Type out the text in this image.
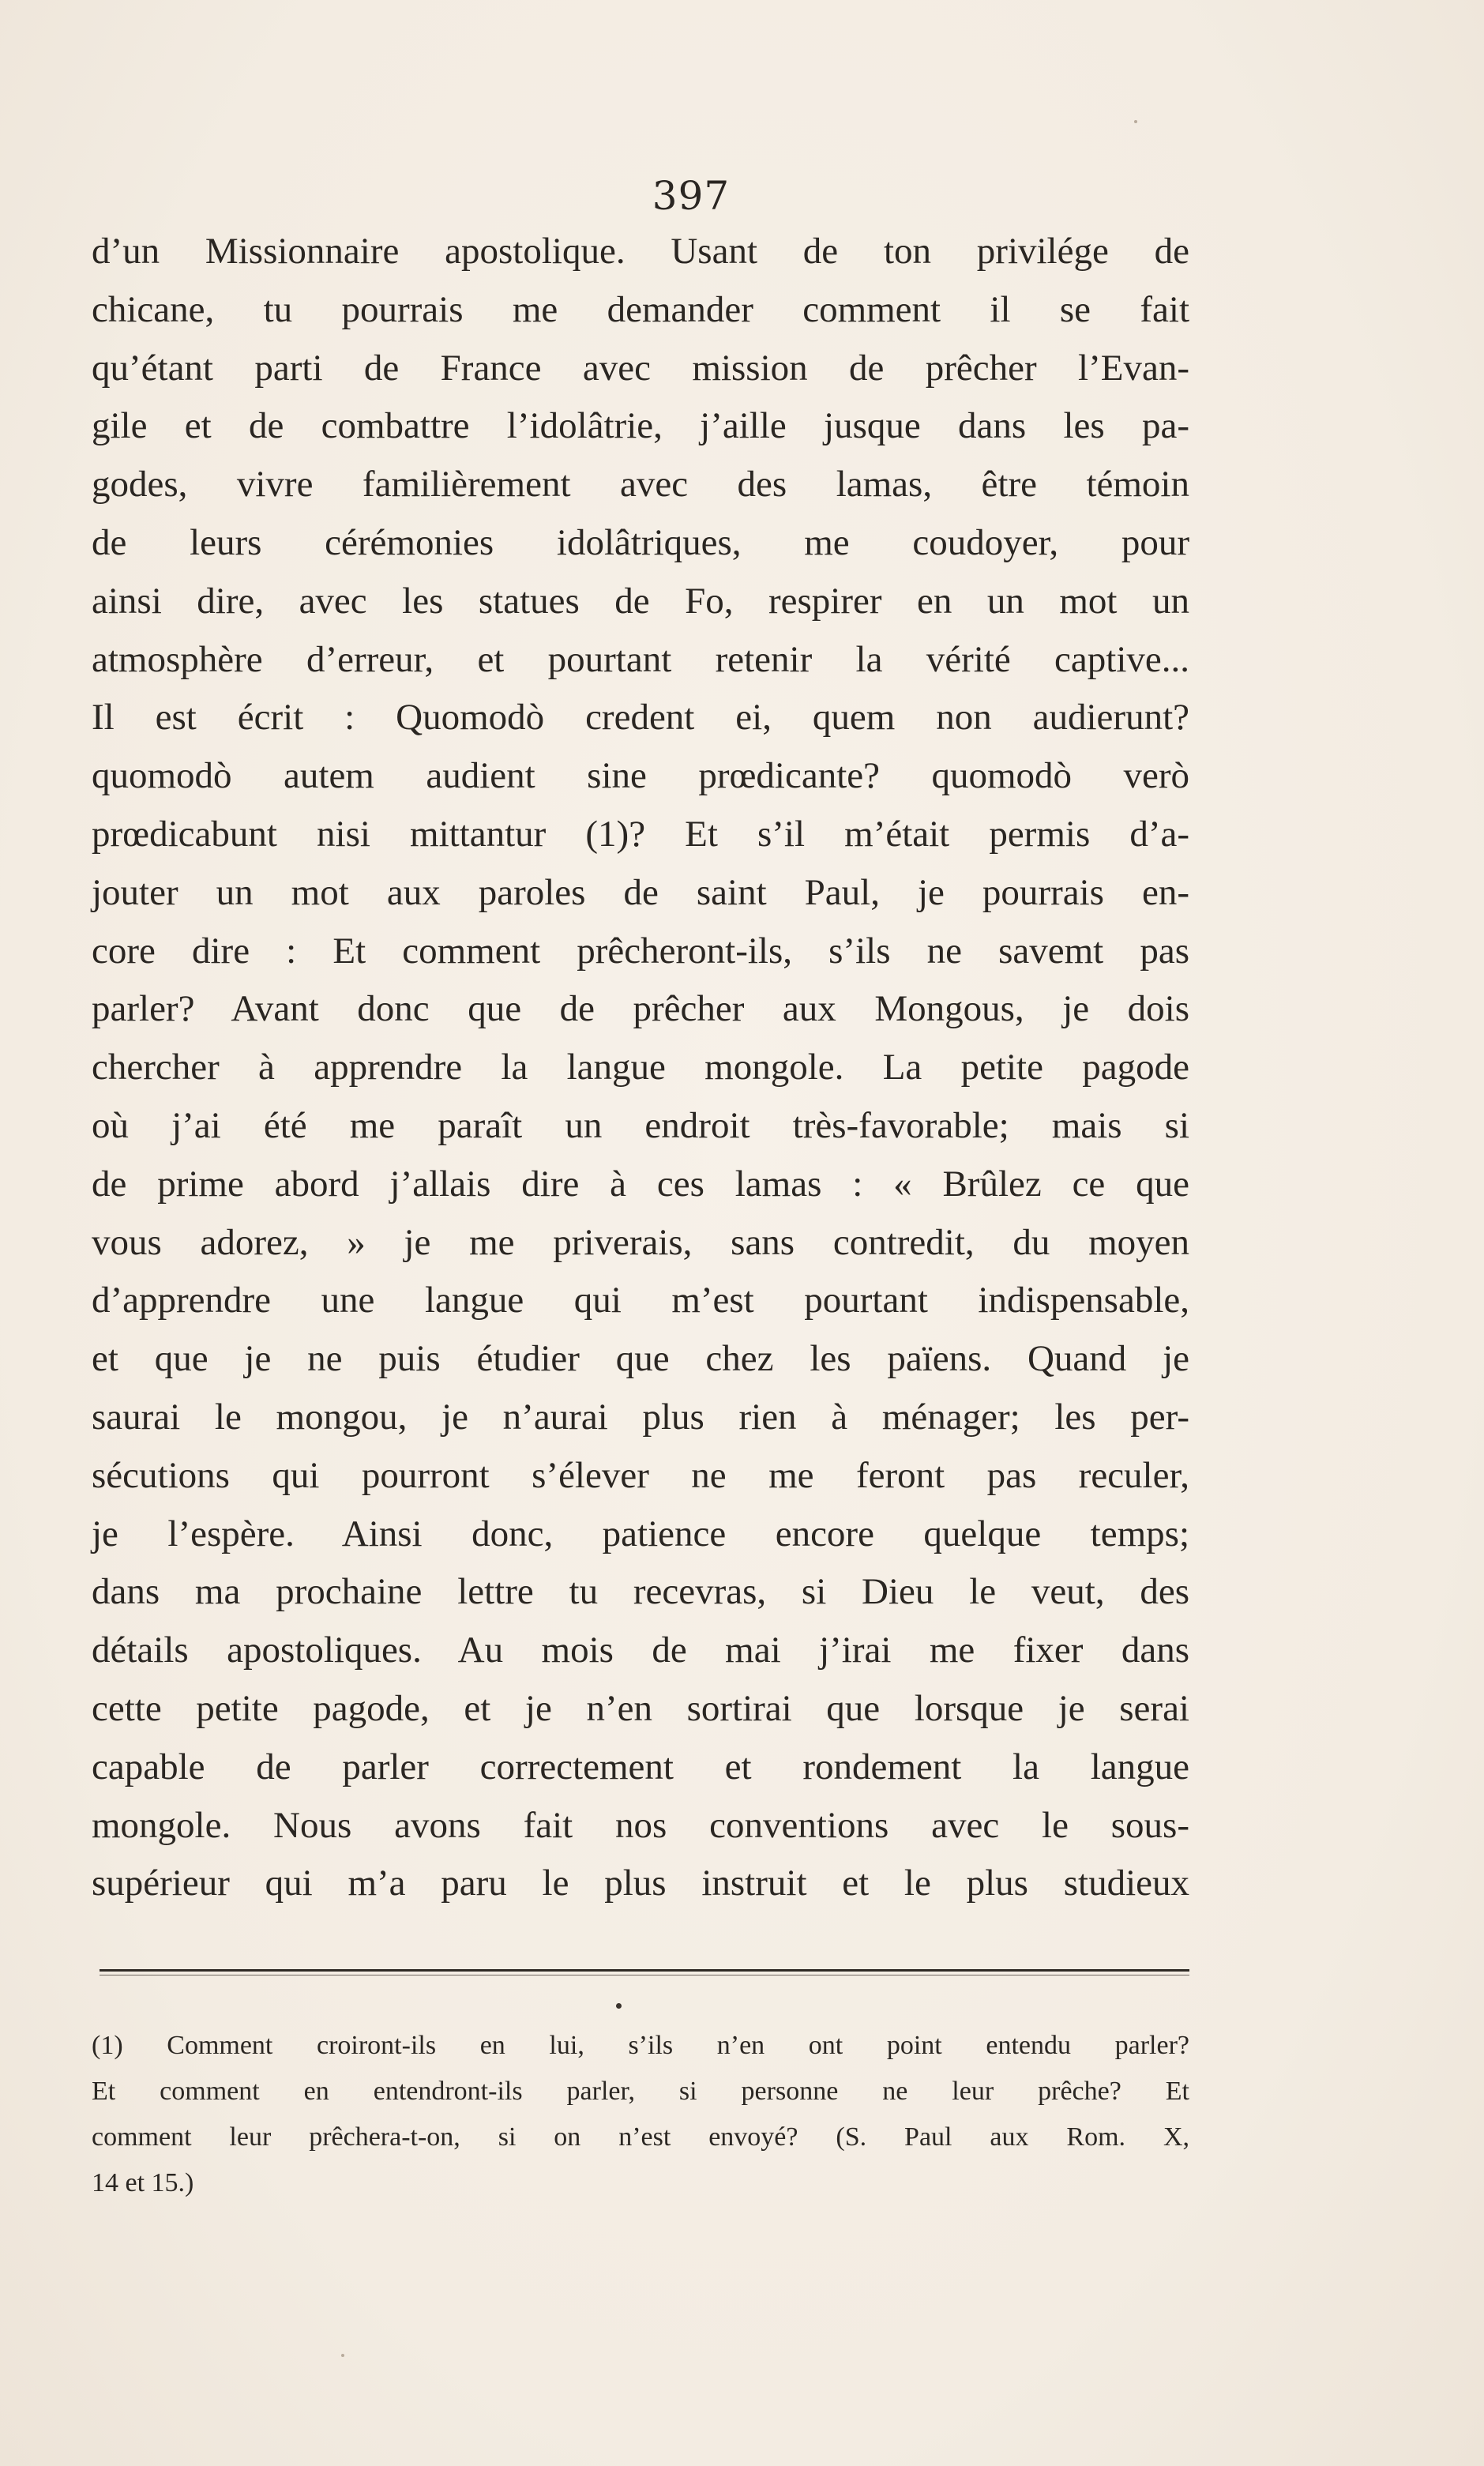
397
d’un Missionnaire apostolique. Usant de ton privilége de
chicane, tu pourrais me demander comment il se fait
qu’étant parti de France avec mission de prêcher l’Evan-
gile et de combattre l’idolâtrie, j’aille jusque dans les pa-
godes, vivre familièrement avec des lamas, être témoin
de leurs cérémonies idolâtriques, me coudoyer, pour
ainsi dire, avec les statues de Fo, respirer en un mot un
atmosphère d’erreur, et pourtant retenir la vérité captive...
Il est écrit : Quomodò credent ei, quem non audierunt?
quomodò autem audient sine prœdicante? quomodò verò
prœdicabunt nisi mittantur (1)? Et s’il m’était permis d’a-
jouter un mot aux paroles de saint Paul, je pourrais en-
core dire : Et comment prêcheront-ils, s’ils ne savemt pas
parler? Avant donc que de prêcher aux Mongous, je dois
chercher à apprendre la langue mongole. La petite pagode
où j’ai été me paraît un endroit très-favorable; mais si
de prime abord j’allais dire à ces lamas : « Brûlez ce que
vous adorez, » je me priverais, sans contredit, du moyen
d’apprendre une langue qui m’est pourtant indispensable,
et que je ne puis étudier que chez les païens. Quand je
saurai le mongou, je n’aurai plus rien à ménager; les per-
sécutions qui pourront s’élever ne me feront pas reculer,
je l’espère. Ainsi donc, patience encore quelque temps;
dans ma prochaine lettre tu recevras, si Dieu le veut, des
détails apostoliques. Au mois de mai j’irai me fixer dans
cette petite pagode, et je n’en sortirai que lorsque je serai
capable de parler correctement et rondement la langue
mongole. Nous avons fait nos conventions avec le sous-
supérieur qui m’a paru le plus instruit et le plus studieux
(1) Comment croiront-ils en lui, s’ils n’en ont point entendu parler?
Et comment en entendront-ils parler, si personne ne leur prêche? Et
comment leur prêchera-t-on, si on n’est envoyé? (S. Paul aux Rom. X,
14 et 15.)
